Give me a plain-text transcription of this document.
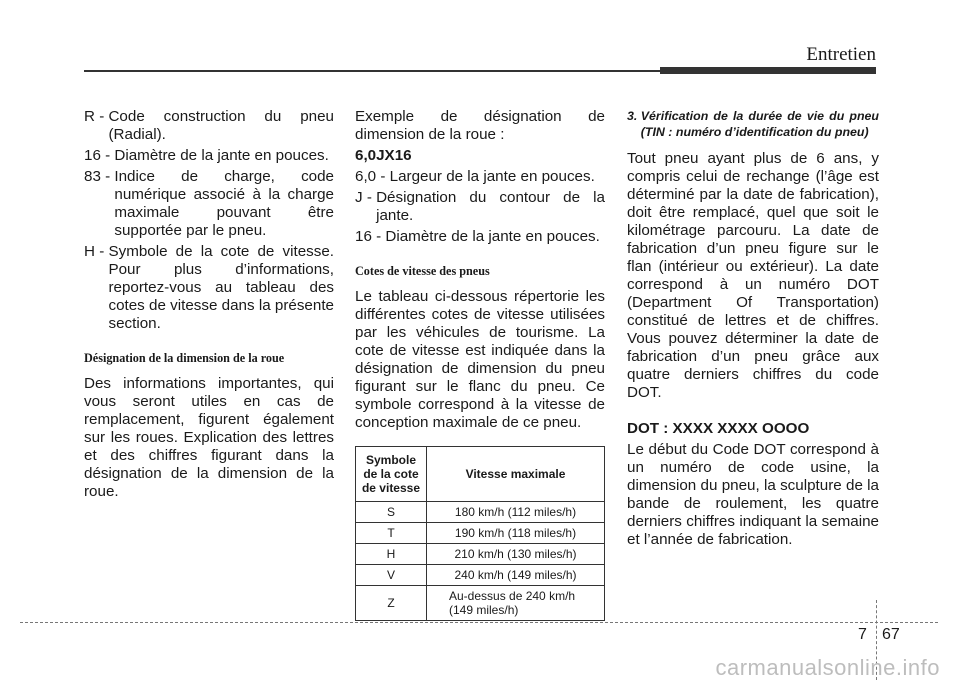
Entretien
R - Code construction du pneu (Radial).
16 - Diamètre de la jante en pouces.
83 - Indice de charge, code numérique associé à la charge maximale pouvant être supportée par le pneu.
H - Symbole de la cote de vitesse. Pour plus d’informations, reportez-vous au tableau des cotes de vitesse dans la présente section.
Désignation de la dimension de la roue

Des informations importantes, qui vous seront utiles en cas de remplacement, figurent également sur les roues. Explication des lettres et des chiffres figurant dans la désignation de la dimension de la roue.

Exemple de désignation de dimension de la roue :

6,0JX16

6,0 - Largeur de la jante en pouces.
J - Désignation du contour de la jante.
16 - Diamètre de la jante en pouces.
Cotes de vitesse des pneus

Le tableau ci-dessous répertorie les différentes cotes de vitesse utilisées par les véhicules de tourisme. La cote de vitesse est indiquée dans la désignation de dimension du pneu figurant sur le flanc du pneu. Ce symbole correspond à la vitesse de conception maximale de ce pneu.

Symbole de la cote de vitesse	Vitesse maximale
S	180 km/h (112 miles/h)
T	190 km/h (118 miles/h)
H	210 km/h (130 miles/h)
V	240 km/h (149 miles/h)
Z	Au-dessus de 240 km/h (149 miles/h)
3. Vérification de la durée de vie du pneu (TIN : numéro d’identification du pneu)

Tout pneu ayant plus de 6 ans, y compris celui de rechange (l’âge est déterminé par la date de fabrication), doit être remplacé, quel que soit le kilométrage parcouru. La date de fabrication d’un pneu figure sur le flan (intérieur ou extérieur). La date correspond à un numéro DOT (Department Of Transportation) constitué de lettres et de chiffres. Vous pouvez déterminer la date de fabrication d’un pneu grâce aux quatre derniers chiffres du code DOT.

DOT : XXXX XXXX OOOO

Le début du Code DOT correspond à un numéro de code usine, la dimension du pneu, la sculpture de la bande de roulement, les quatre derniers chiffres indiquant la semaine et l’année de fabrication.

7 67
carmanualsonline.info
